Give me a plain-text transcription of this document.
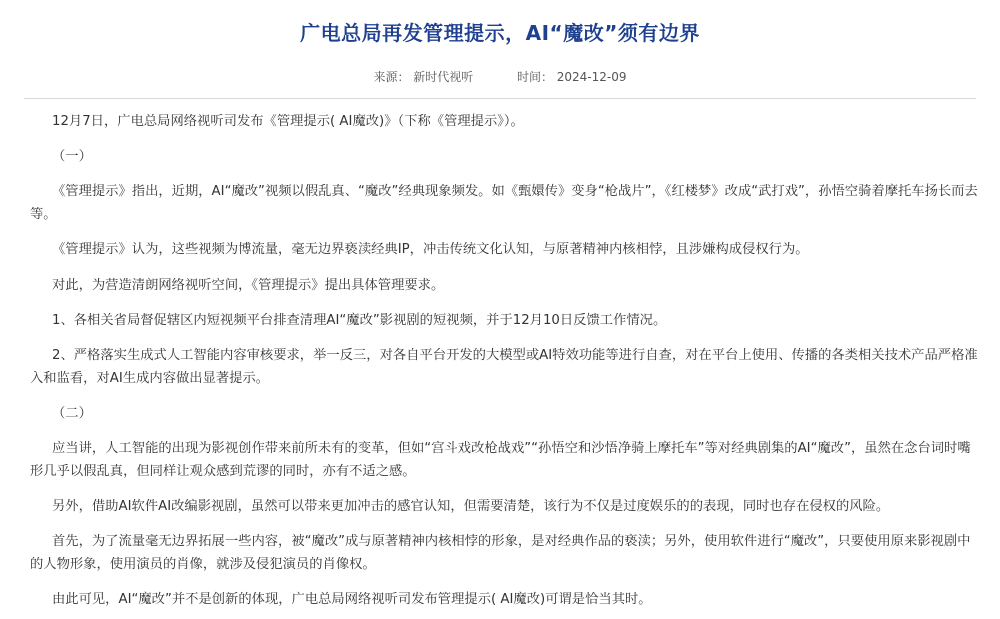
广电总局再发管理提示，AI“魔改”须有边界
来源： 新时代视听	时间： 2024-12-09

12月7日，广电总局网络视听司发布《管理提示( AI魔改)》（下称《管理提示》）。

（一）

《管理提示》指出，近期，AI“魔改”视频以假乱真、“魔改”经典现象频发。如《甄嬛传》变身“枪战片”，《红楼梦》改成“武打戏”，孙悟空骑着摩托车扬长而去等。

《管理提示》认为，这些视频为博流量，毫无边界亵渎经典IP，冲击传统文化认知，与原著精神内核相悖，且涉嫌构成侵权行为。

对此，为营造清朗网络视听空间，《管理提示》提出具体管理要求。

1、各相关省局督促辖区内短视频平台排查清理AI“魔改”影视剧的短视频，并于12月10日反馈工作情况。

2、严格落实生成式人工智能内容审核要求，举一反三，对各自平台开发的大模型或AI特效功能等进行自查，对在平台上使用、传播的各类相关技术产品严格准入和监看，对AI生成内容做出显著提示。

（二）

应当讲，人工智能的出现为影视创作带来前所未有的变革，但如“宫斗戏改枪战戏”“孙悟空和沙悟净骑上摩托车”等对经典剧集的AI“魔改”，虽然在念台词时嘴形几乎以假乱真，但同样让观众感到荒谬的同时，亦有不适之感。

另外，借助AI软件AI改编影视剧，虽然可以带来更加冲击的感官认知，但需要清楚，该行为不仅是过度娱乐的的表现，同时也存在侵权的风险。

首先，为了流量毫无边界拓展一些内容，被“魔改”成与原著精神内核相悖的形象，是对经典作品的亵渎；另外，使用软件进行“魔改”，只要使用原来影视剧中的人物形象，使用演员的肖像，就涉及侵犯演员的肖像权。

由此可见，AI“魔改”并不是创新的体现，广电总局网络视听司发布管理提示( AI魔改)可谓是恰当其时。
